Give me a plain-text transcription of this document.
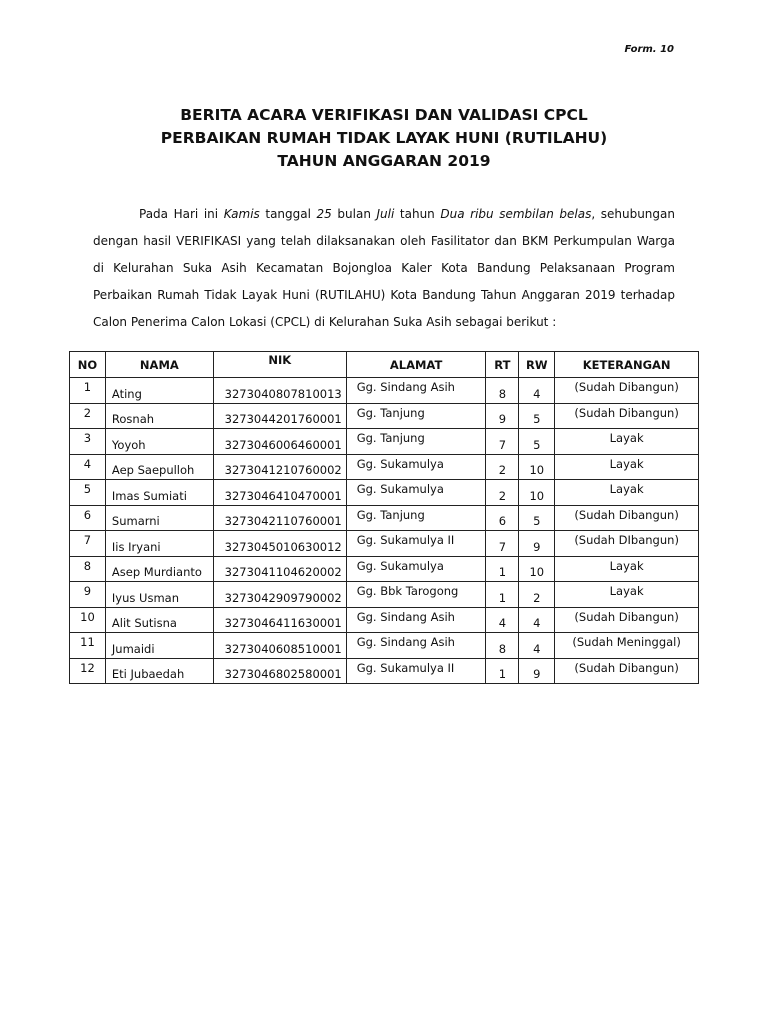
Form. 10
BERITA ACARA VERIFIKASI DAN VALIDASI CPCL
PERBAIKAN RUMAH TIDAK LAYAK HUNI (RUTILAHU)
TAHUN ANGGARAN 2019

Pada Hari ini Kamis tanggal 25 bulan Juli tahun Dua ribu sembilan belas, sehubungan dengan hasil VERIFIKASI yang telah dilaksanakan oleh Fasilitator dan BKM Perkumpulan Warga di Kelurahan Suka Asih Kecamatan Bojongloa Kaler Kota Bandung Pelaksanaan Program Perbaikan Rumah Tidak Layak Huni (RUTILAHU) Kota Bandung Tahun Anggaran 2019 terhadap Calon Penerima Calon Lokasi (CPCL) di Kelurahan Suka Asih sebagai berikut :

NO	NAMA	NIK	ALAMAT	RT	RW	KETERANGAN
1	Ating	3273040807810013	Gg. Sindang Asih	8	4	(Sudah Dibangun)
2	Rosnah	3273044201760001	Gg. Tanjung	9	5	(Sudah Dibangun)
3	Yoyoh	3273046006460001	Gg. Tanjung	7	5	Layak
4	Aep Saepulloh	3273041210760002	Gg. Sukamulya	2	10	Layak
5	Imas Sumiati	3273046410470001	Gg. Sukamulya	2	10	Layak
6	Sumarni	3273042110760001	Gg. Tanjung	6	5	(Sudah Dibangun)
7	Iis Iryani	3273045010630012	Gg. Sukamulya II	7	9	(Sudah DIbangun)
8	Asep Murdianto	3273041104620002	Gg. Sukamulya	1	10	Layak
9	Iyus Usman	3273042909790002	Gg. Bbk Tarogong	1	2	Layak
10	Alit Sutisna	3273046411630001	Gg. Sindang Asih	4	4	(Sudah Dibangun)
11	Jumaidi	3273040608510001	Gg. Sindang Asih	8	4	(Sudah Meninggal)
12	Eti Jubaedah	3273046802580001	Gg. Sukamulya II	1	9	(Sudah Dibangun)
